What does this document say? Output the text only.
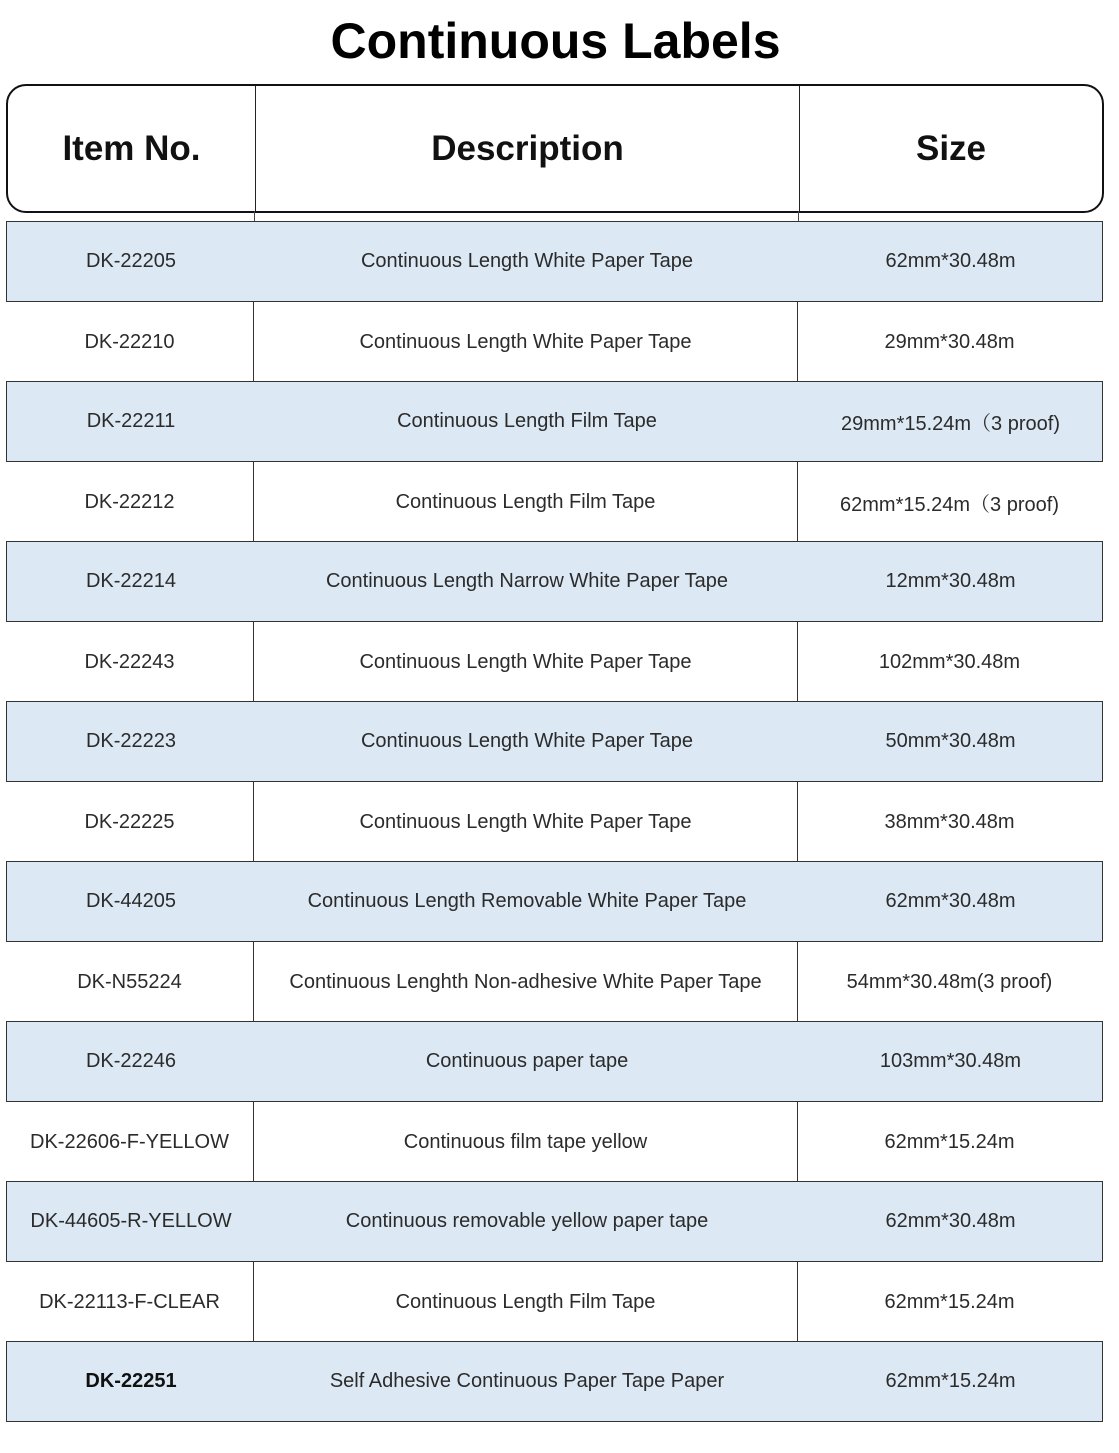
Continuous Labels
Item No.	Description	Size
DK-22205	Continuous Length White Paper Tape	62mm*30.48m
DK-22210	Continuous Length White Paper Tape	29mm*30.48m
DK-22211	Continuous Length Film Tape	29mm*15.24m（3 proof)
DK-22212	Continuous Length Film Tape	62mm*15.24m（3 proof)
DK-22214	Continuous Length Narrow White Paper Tape	12mm*30.48m
DK-22243	Continuous Length White Paper Tape	102mm*30.48m
DK-22223	Continuous Length White Paper Tape	50mm*30.48m
DK-22225	Continuous Length White Paper Tape	38mm*30.48m
DK-44205	Continuous Length Removable White Paper Tape	62mm*30.48m
DK-N55224	Continuous Lenghth Non-adhesive White Paper Tape	54mm*30.48m(3 proof)
DK-22246	Continuous paper tape	103mm*30.48m
DK-22606-F-YELLOW	Continuous film tape yellow	62mm*15.24m
DK-44605-R-YELLOW	Continuous removable yellow paper tape	62mm*30.48m
DK-22113-F-CLEAR	Continuous Length Film Tape	62mm*15.24m
DK-22251	Self Adhesive Continuous Paper Tape Paper	62mm*15.24m
